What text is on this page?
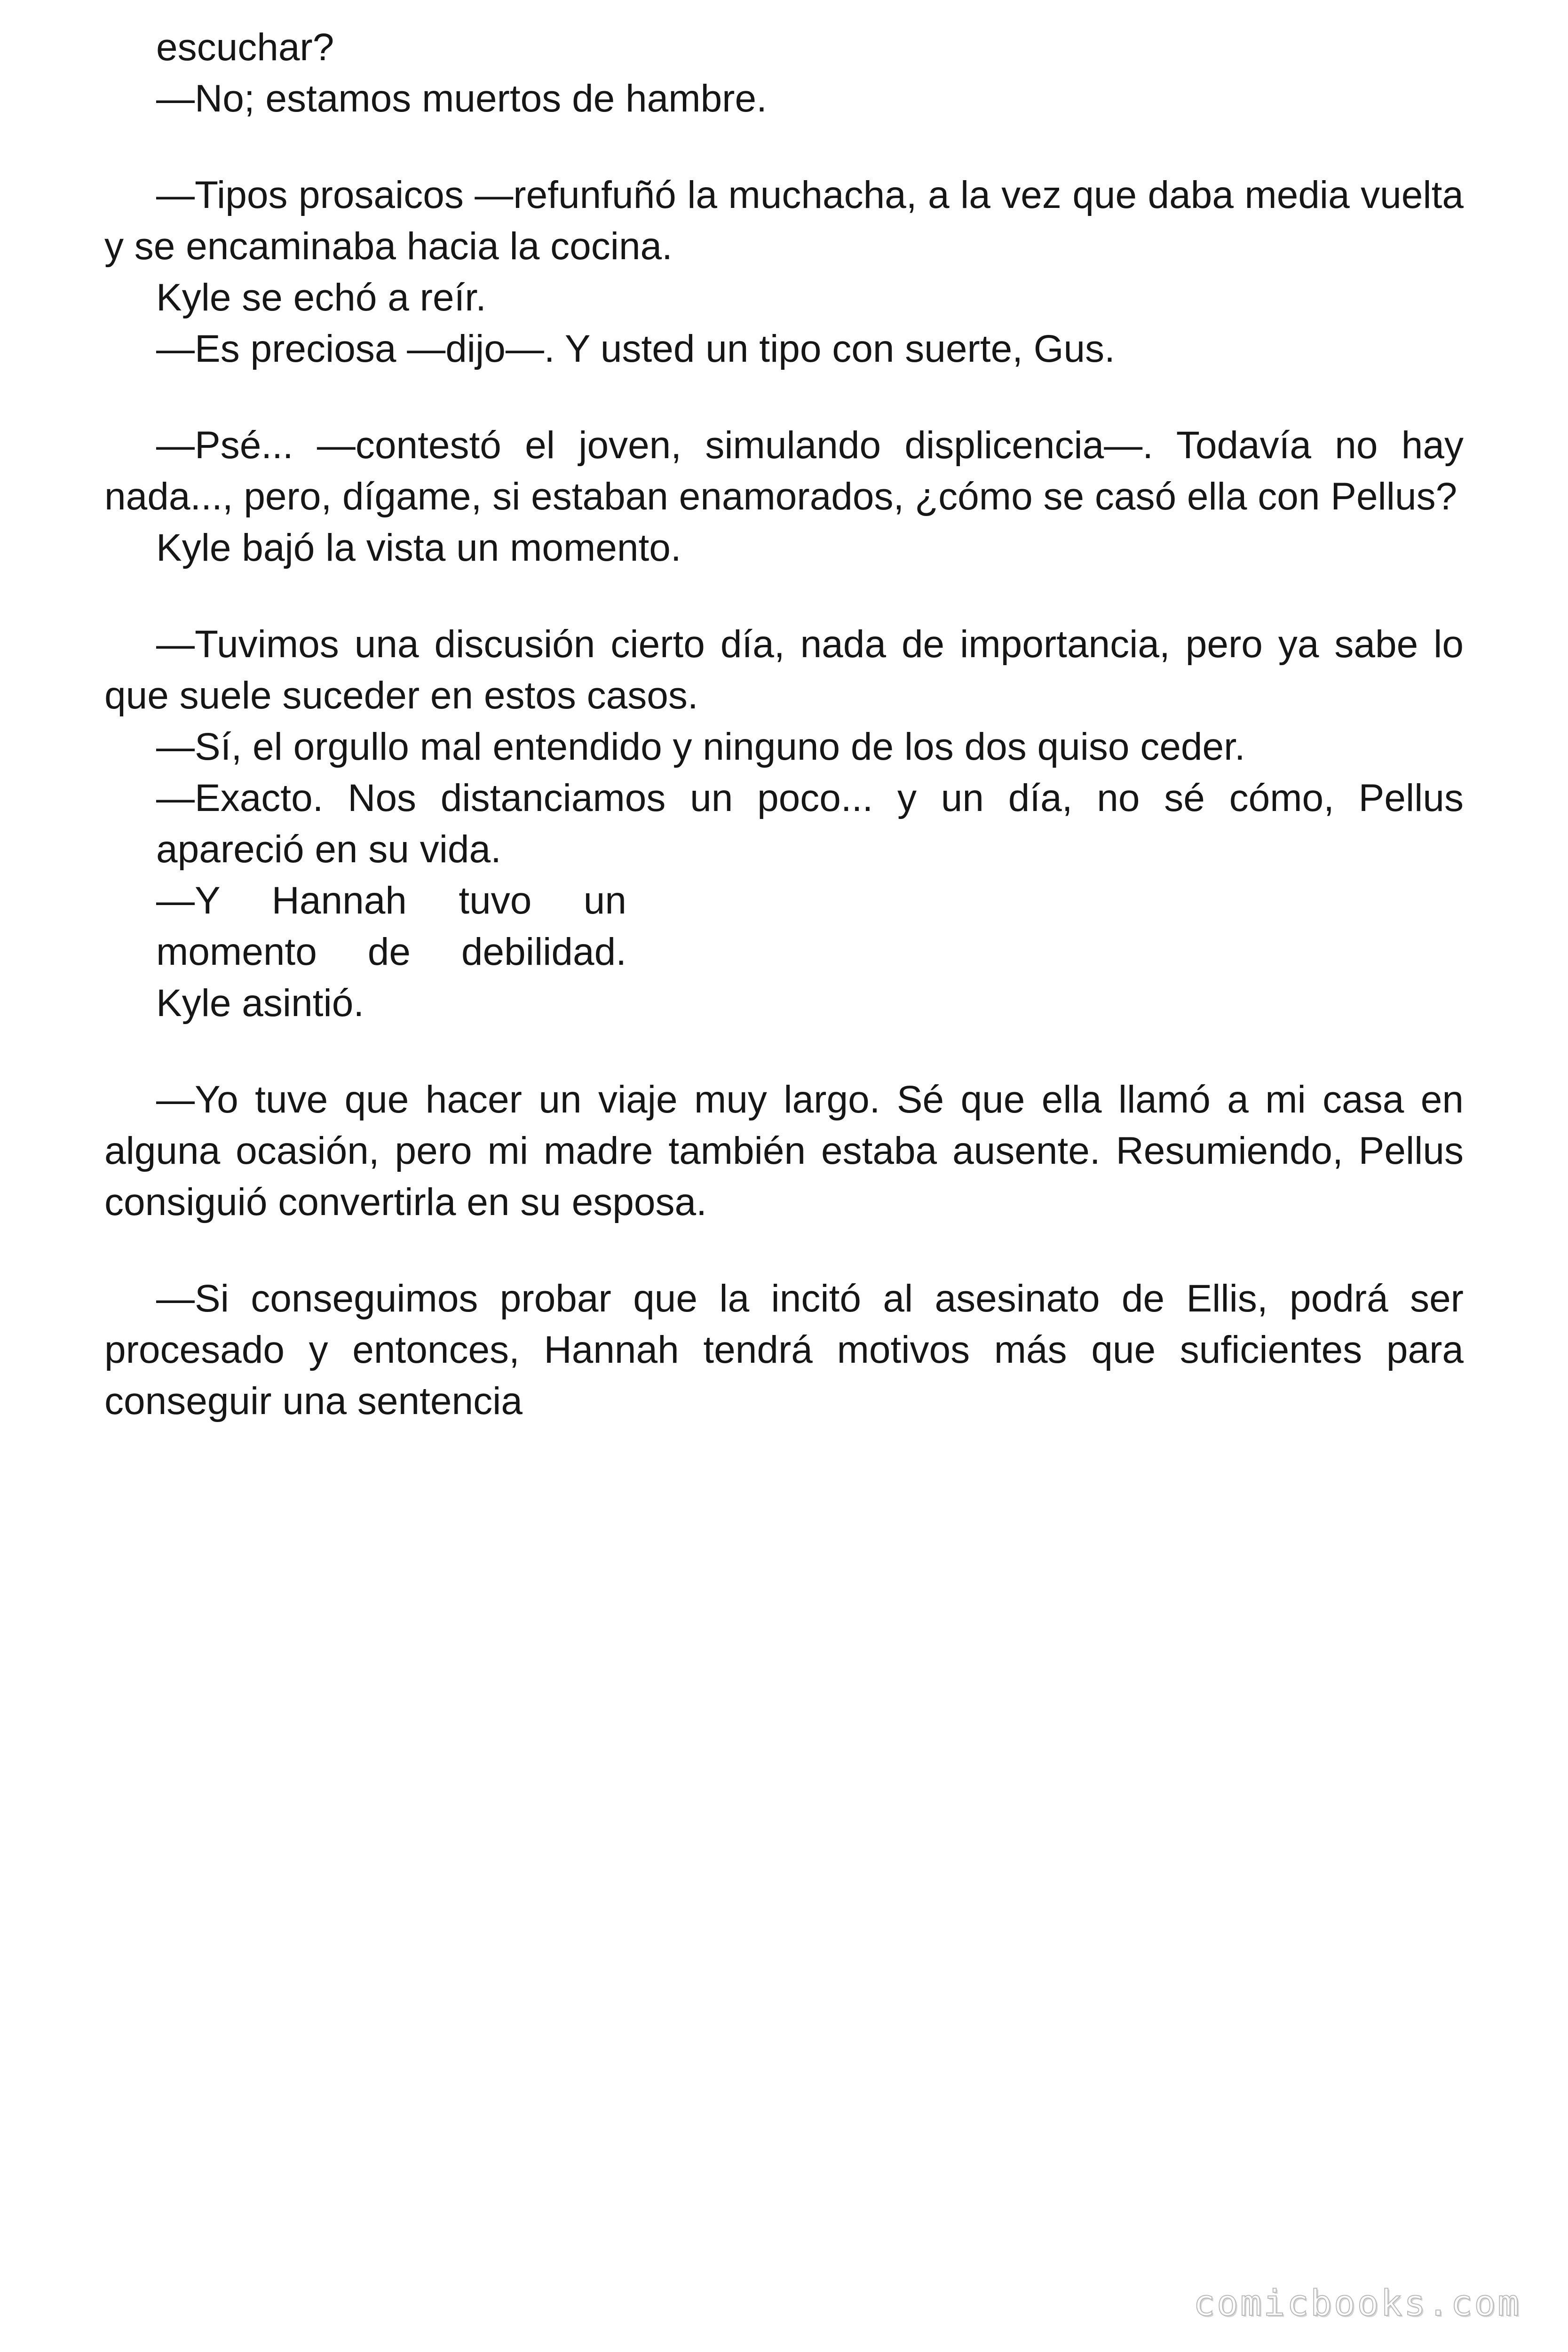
escuchar?

—No; estamos muertos de hambre.

—Tipos prosaicos —refunfuñó la muchacha, a la vez que daba media vuelta y se encaminaba hacia la cocina.

Kyle se echó a reír.

—Es preciosa —dijo—. Y usted un tipo con suerte, Gus.

—Psé... —contestó el joven, simulando displicencia—. Todavía no hay nada..., pero, dígame, si estaban enamorados, ¿cómo se casó ella con Pellus?

Kyle bajó la vista un momento.

—Tuvimos una discusión cierto día, nada de importancia, pero ya sabe lo que suele suceder en estos casos.

—Sí, el orgullo mal entendido y ninguno de los dos quiso ceder.

—Exacto. Nos distanciamos un poco... y un día, no sé cómo, Pellus apareció en su vida.

—Y Hannah tuvo un momento de debilidad.

Kyle asintió.

—Yo tuve que hacer un viaje muy largo. Sé que ella llamó a mi casa en alguna ocasión, pero mi madre también estaba ausente. Resumiendo, Pellus consiguió convertirla en su esposa.

—Si conseguimos probar que la incitó al asesinato de Ellis, podrá ser procesado y entonces, Hannah tendrá motivos más que suficientes para conseguir una sentencia

comicbooks.com
